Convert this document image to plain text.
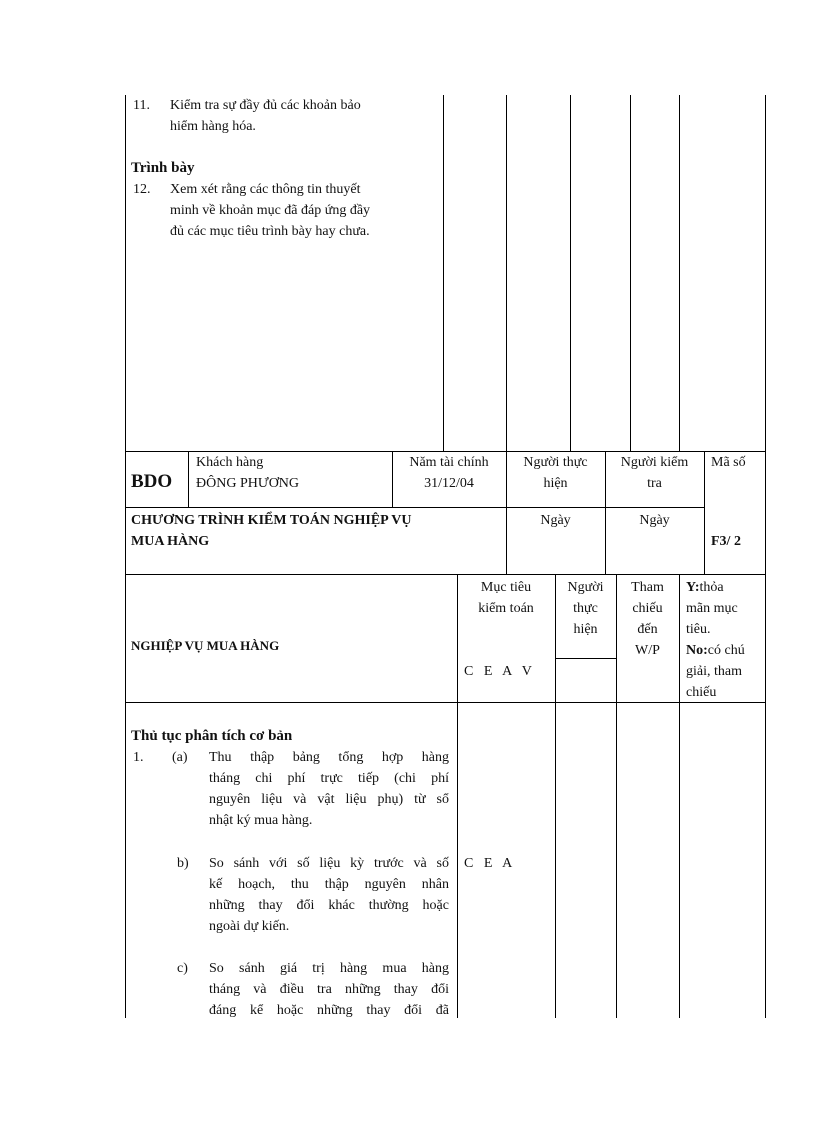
11. Kiểm tra sự đầy đủ các khoản bảo
hiểm hàng hóa.
Trình bày
12. Xem xét rằng các thông tin thuyết
minh về khoản mục đã đáp ứng đầy
đủ các mục tiêu trình bày hay chưa.
BDO
Khách hàng
ĐÔNG PHƯƠNG
Năm tài chính
31/12/04
Người thực
hiện
Người kiểm
tra
Mã số
CHƯƠNG TRÌNH KIỂM TOÁN NGHIỆP VỤ
MUA HÀNG
Ngày	Ngày
F3/ 2
NGHIỆP VỤ MUA HÀNG
Mục tiêu
kiểm toán
C   E   A   V
Người
thực
hiện
Tham
chiếu
đến
W/P
Y:thỏa
mãn mục
tiêu.
No:có chú
giải, tham
chiếu
Thủ tục phân tích cơ bản
1. (a) Thu thập bảng tổng hợp hàng
tháng chi phí trực tiếp (chi phí
nguyên liệu và vật liệu phụ) từ sổ
nhật ký mua hàng.
b) So sánh với số liệu kỳ trước và số
kế hoạch, thu thập nguyên nhân
những thay đổi khác thường hoặc
ngoài dự kiến.
C   E   A
c) So sánh giá trị hàng mua hàng
tháng và điều tra những thay đổi
đáng kể hoặc những thay đổi đã
